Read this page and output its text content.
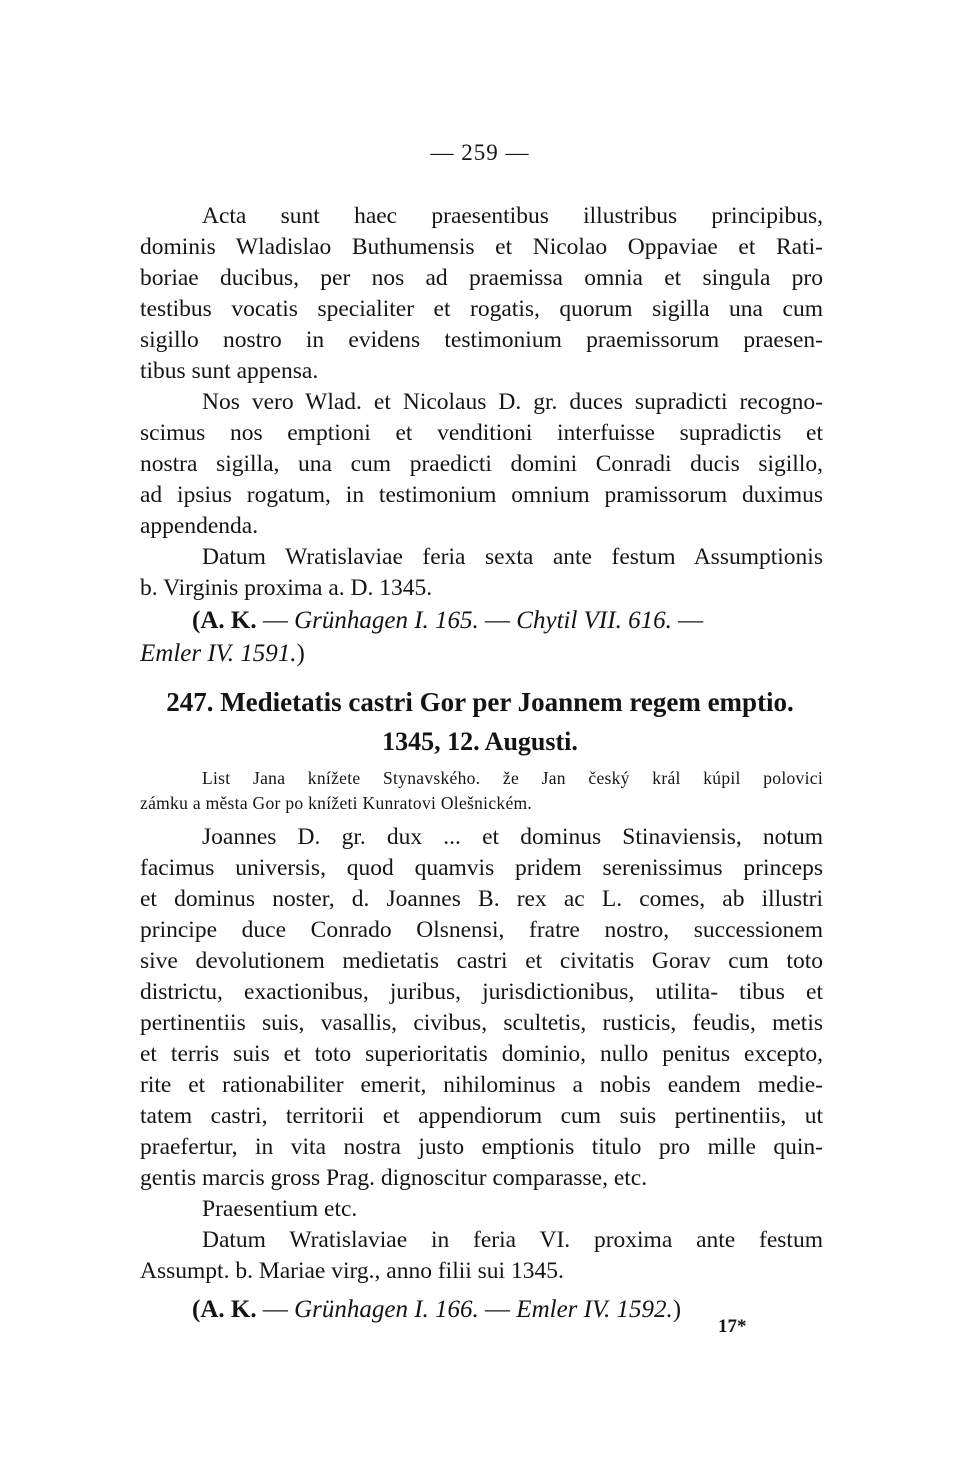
— 259 —
Acta sunt haec praesentibus illustribus principibus,
dominis Wladislao Buthumensis et Nicolao Oppaviae et Rati-
boriae ducibus, per nos ad praemissa omnia et singula pro
testibus vocatis specialiter et rogatis, quorum sigilla una cum
sigillo nostro in evidens testimonium praemissorum praesen-
tibus sunt appensa.
Nos vero Wlad. et Nicolaus D. gr. duces supradicti recogno-
scimus nos emptioni et venditioni interfuisse supradictis et
nostra sigilla, una cum praedicti domini Conradi ducis sigillo,
ad ipsius rogatum, in testimonium omnium pramissorum duximus
appendenda.
Datum Wratislaviae feria sexta ante festum Assumptionis
b. Virginis proxima a. D. 1345.
(A. K. — Grünhagen I. 165. — Chytil VII. 616. —
Emler IV. 1591.)
247. Medietatis castri Gor per Joannem regem emptio.
1345, 12. Augusti.
List Jana knížete Stynavského. že Jan český král kúpil polovici
zámku a města Gor po knížeti Kunratovi Olešnickém.
Joannes D. gr. dux ... et dominus Stinaviensis, notum
facimus universis, quod quamvis pridem serenissimus princeps
et dominus noster, d. Joannes B. rex ac L. comes, ab illustri
principe duce Conrado Olsnensi, fratre nostro, successionem
sive devolutionem medietatis castri et civitatis Gorav cum toto
districtu, exactionibus, juribus, jurisdictionibus, utilita- tibus et
pertinentiis suis, vasallis, civibus, scultetis, rusticis, feudis, metis
et terris suis et toto superioritatis dominio, nullo penitus excepto,
rite et rationabiliter emerit, nihilominus a nobis eandem medie-
tatem castri, territorii et appendiorum cum suis pertinentiis, ut
praefertur, in vita nostra justo emptionis titulo pro mille quin-
gentis marcis gross Prag. dignoscitur comparasse, etc.
Praesentium etc.
Datum Wratislaviae in feria VI. proxima ante festum
Assumpt. b. Mariae virg., anno filii sui 1345.
(A. K. — Grünhagen I. 166. — Emler IV. 1592.)
17*
